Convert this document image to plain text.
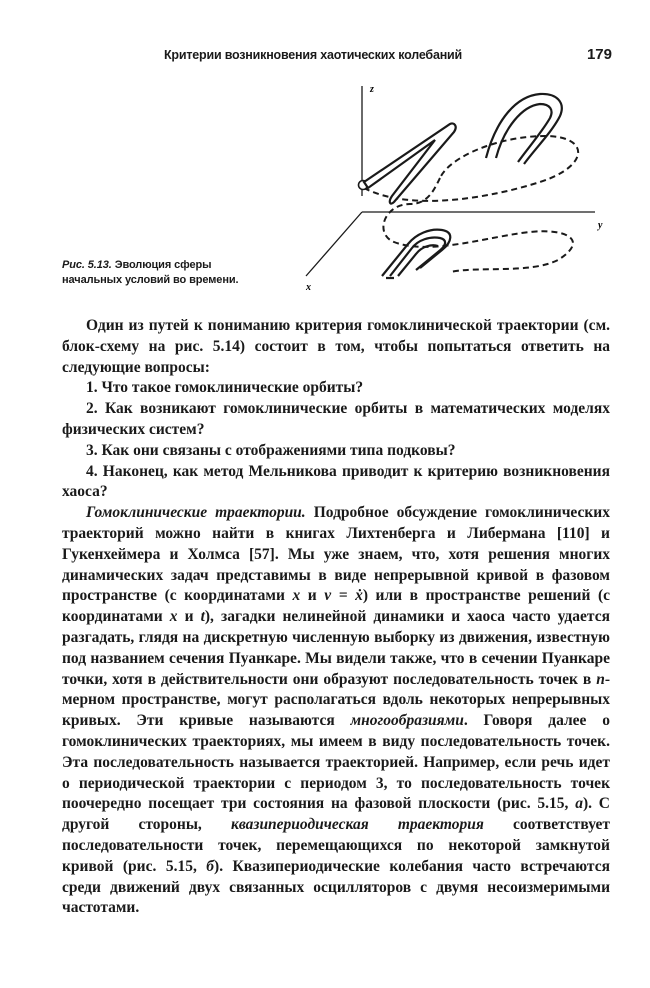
Критерии возникновения хаотических колебаний	179
z
y
x
Рис. 5.13. Эволюция сферы начальных условий во времени.

Один из путей к пониманию критерия гомоклинической траектории (см. блок-схему на рис. 5.14) состоит в том, чтобы попытаться ответить на следующие вопросы:

1. Что такое гомоклинические орбиты?

2. Как возникают гомоклинические орбиты в математических моделях физических систем?

3. Как они связаны с отображениями типа подковы?

4. Наконец, как метод Мельникова приводит к критерию возникновения хаоса?

Гомоклинические траектории. Подробное обсуждение гомоклинических траекторий можно найти в книгах Лихтенберга и Либермана [110] и Гукенхеймера и Холмса [57]. Мы уже знаем, что, хотя решения многих динамических задач представимы в виде непрерывной кривой в фазовом пространстве (с координатами x и v = ẋ) или в пространстве решений (с координатами x и t), загадки нелинейной динамики и хаоса часто удается разгадать, глядя на дискретную численную выборку из движения, известную под названием сечения Пуанкаре. Мы видели также, что в сечении Пуанкаре точки, хотя в действительности они образуют последовательность точек в n-мерном пространстве, могут располагаться вдоль некоторых непрерывных кривых. Эти кривые называются многообразиями. Говоря далее о гомоклинических траекториях, мы имеем в виду последовательность точек. Эта последовательность называется траекторией. Например, если речь идет о периодической траектории с периодом 3, то последовательность точек поочередно посещает три состояния на фазовой плоскости (рис. 5.15, а). С другой стороны, квазипериодическая траектория соответствует последовательности точек, перемещающихся по некоторой замкнутой кривой (рис. 5.15, б). Квазипериодические колебания часто встречаются среди движений двух связанных осцилляторов с двумя несоизмеримыми частотами.
